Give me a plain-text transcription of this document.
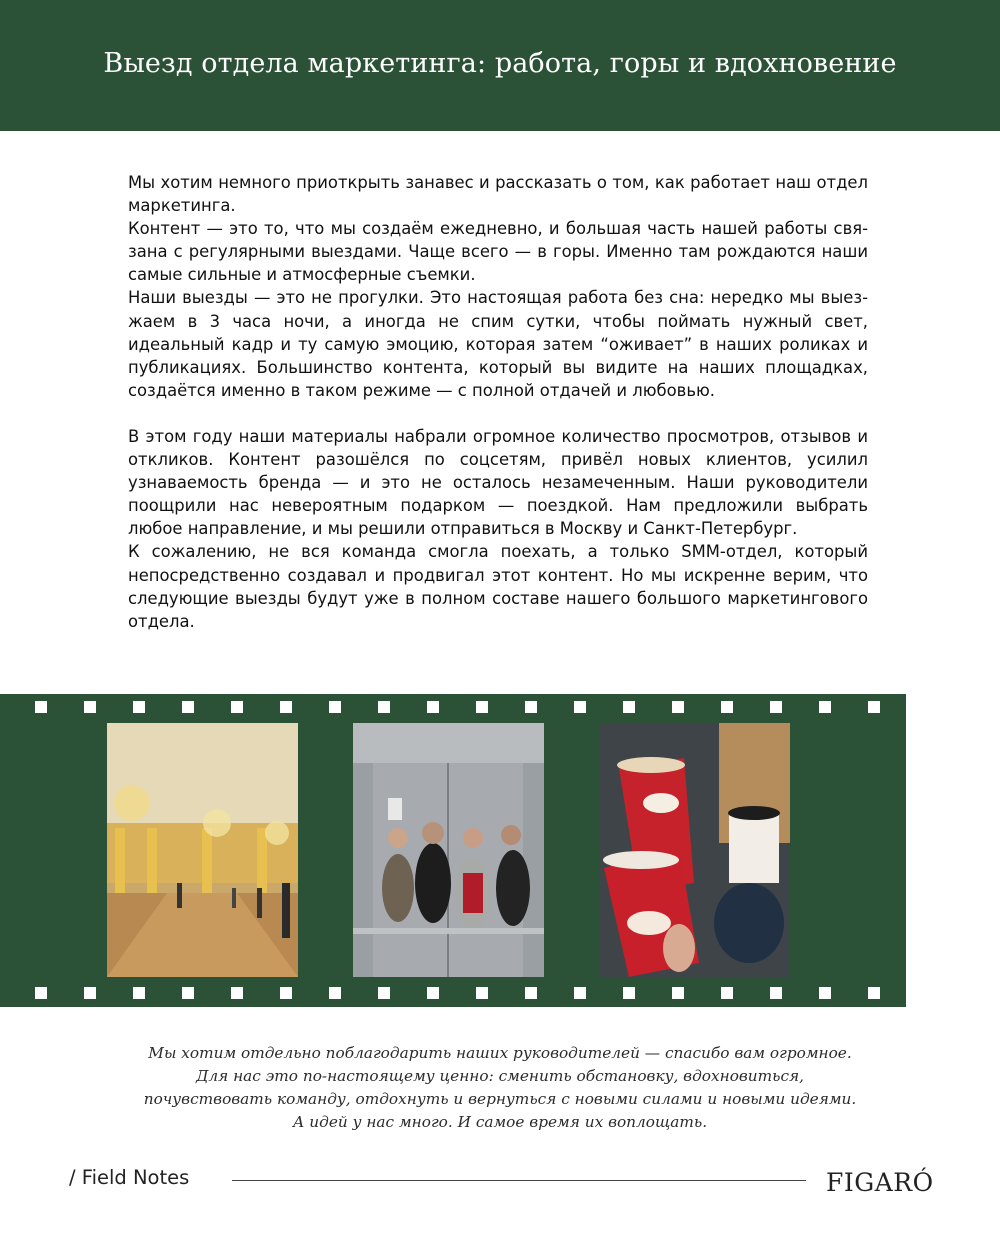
Выезд отдела маркетинга: работа, горы и вдохновение

Мы хотим немного приоткрыть занавес и рассказать о том, как работает наш отдел маркетинга.

Контент — это то, что мы создаём ежедневно, и большая часть нашей работы свя-зана с регулярными выездами. Чаще всего — в горы. Именно там рождаются наши самые сильные и атмосферные съемки.

Наши выезды — это не прогулки. Это настоящая работа без сна: нередко мы выез-жаем в 3 часа ночи, а иногда не спим сутки, чтобы поймать нужный свет, идеальный кадр и ту самую эмоцию, которая затем “оживает” в наших роликах и публикациях. Большинство контента, который вы видите на наших площадках, создаётся именно в таком режиме — с полной отдачей и любовью.

В этом году наши материалы набрали огромное количество просмотров, отзывов и откликов. Контент разошёлся по соцсетям, привёл новых клиентов, усилил узнаваемость бренда — и это не осталось незамеченным. Наши руководители поощрили нас невероятным подарком — поездкой. Нам предложили выбрать любое направление, и мы решили отправиться в Москву и Санкт-Петербург.

К сожалению, не вся команда смогла поехать, а только SMM-отдел, который непосредственно создавал и продвигал этот контент. Но мы искренне верим, что следующие выезды будут уже в полном составе нашего большого маркетингового отдела.

Мы хотим отдельно поблагодарить наших руководителей — спасибо вам огромное.
Для нас это по-настоящему ценно: сменить обстановку, вдохновиться,
почувствовать команду, отдохнуть и вернуться с новыми силами и новыми идеями.
А идей у нас много. И самое время их воплощать.
/ Field Notes	FIGARÓ
